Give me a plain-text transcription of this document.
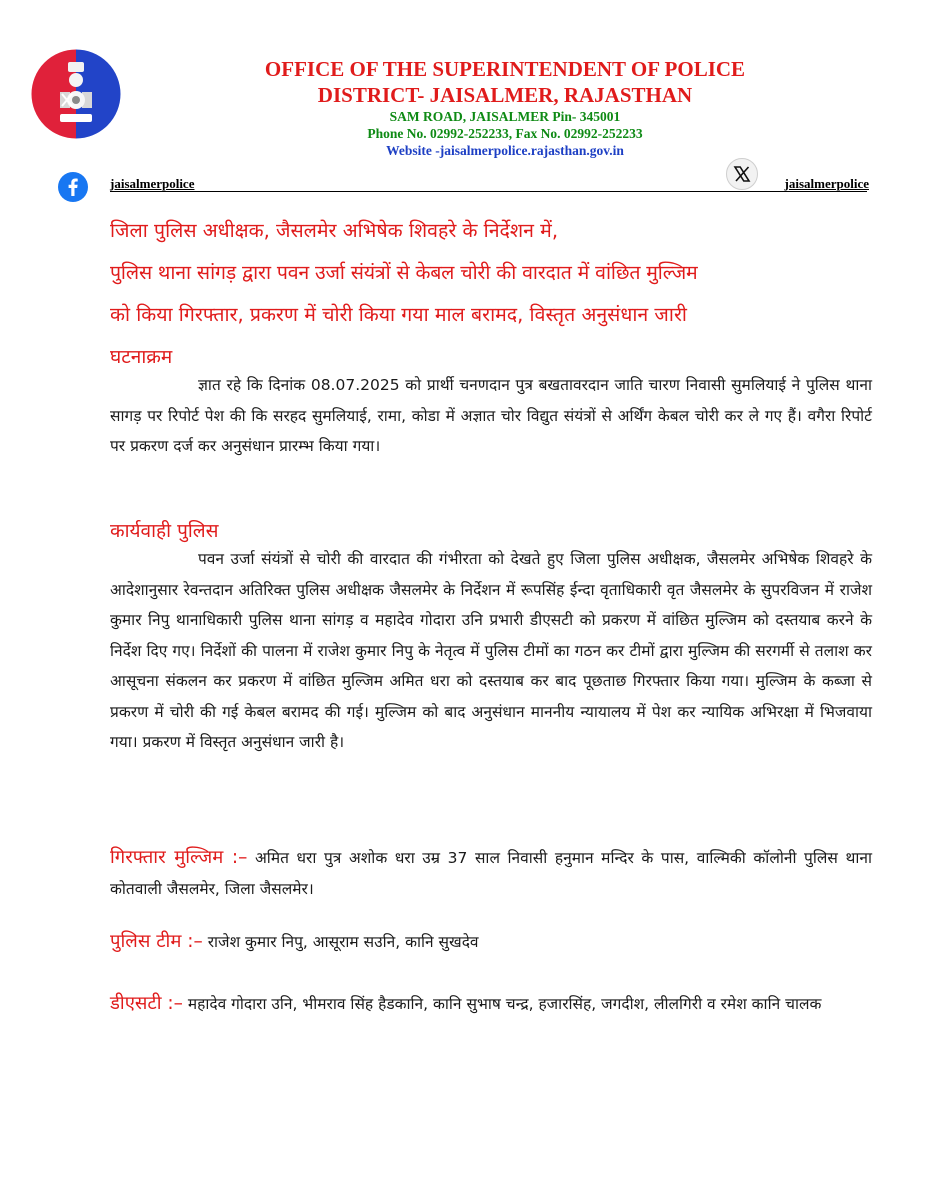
OFFICE OF THE SUPERINTENDENT OF POLICE
DISTRICT- JAISALMER, RAJASTHAN
SAM ROAD, JAISALMER Pin- 345001
Phone No. 02992-252233, Fax No. 02992-252233
Website -jaisalmerpolice.rajasthan.gov.in
jaisalmerpolice	jaisalmerpolice
जिला पुलिस अधीक्षक, जैसलमेर अभिषेक शिवहरे के निर्देशन में,
पुलिस थाना सांगड़ द्वारा पवन उर्जा संयंत्रों से केबल चोरी की वारदात में वांछित मुल्जिम
को किया गिरफ्तार, प्रकरण में चोरी किया गया माल बरामद, विस्तृत अनुसंधान जारी
घटनाक्रम
ज्ञात रहे कि दिनांक 08.07.2025 को प्रार्थी चनणदान पुत्र बखतावरदान जाति चारण निवासी सुमलियाई ने पुलिस थाना सागड़ पर रिपोर्ट पेश की कि सरहद सुमलियाई, रामा, कोडा में अज्ञात चोर विद्युत संयंत्रों से अर्थिंग केबल चोरी कर ले गए हैं। वगैरा रिपोर्ट पर प्रकरण दर्ज कर अनुसंधान प्रारम्भ किया गया।
कार्यवाही पुलिस
पवन उर्जा संयंत्रों से चोरी की वारदात की गंभीरता को देखते हुए जिला पुलिस अधीक्षक, जैसलमेर अभिषेक शिवहरे के आदेशानुसार रेवन्तदान अतिरिक्त पुलिस अधीक्षक जैसलमेर के निर्देशन में रूपसिंह ईन्दा वृताधिकारी वृत जैसलमेर के सुपरविजन में राजेश कुमार निपु थानाधिकारी पुलिस थाना सांगड़ व महादेव गोदारा उनि प्रभारी डीएसटी को प्रकरण में वांछित मुल्जिम को दस्तयाब करने के निर्देश दिए गए। निर्देशों की पालना में राजेश कुमार निपु के नेतृत्व में पुलिस टीमों का गठन कर टीमों द्वारा मुल्जिम की सरगर्मी से तलाश कर आसूचना संकलन कर प्रकरण में वांछित मुल्जिम अमित धरा को दस्तयाब कर बाद पूछताछ गिरफ्तार किया गया। मुल्जिम के कब्जा से प्रकरण में चोरी की गई केबल बरामद की गई। मुल्जिम को बाद अनुसंधान माननीय न्यायालय में पेश कर न्यायिक अभिरक्षा में भिजवाया गया। प्रकरण में विस्तृत अनुसंधान जारी है।
गिरफ्तार मुल्जिम :– अमित धरा पुत्र अशोक धरा उम्र 37 साल निवासी हनुमान मन्दिर के पास, वाल्मिकी कॉलोनी पुलिस थाना कोतवाली जैसलमेर, जिला जैसलमेर।
पुलिस टीम :– राजेश कुमार निपु, आसूराम सउनि, कानि सुखदेव
डीएसटी :– महादेव गोदारा उनि, भीमराव सिंह हैडकानि, कानि सुभाष चन्द्र, हजारसिंह, जगदीश, लीलगिरी व रमेश कानि चालक
